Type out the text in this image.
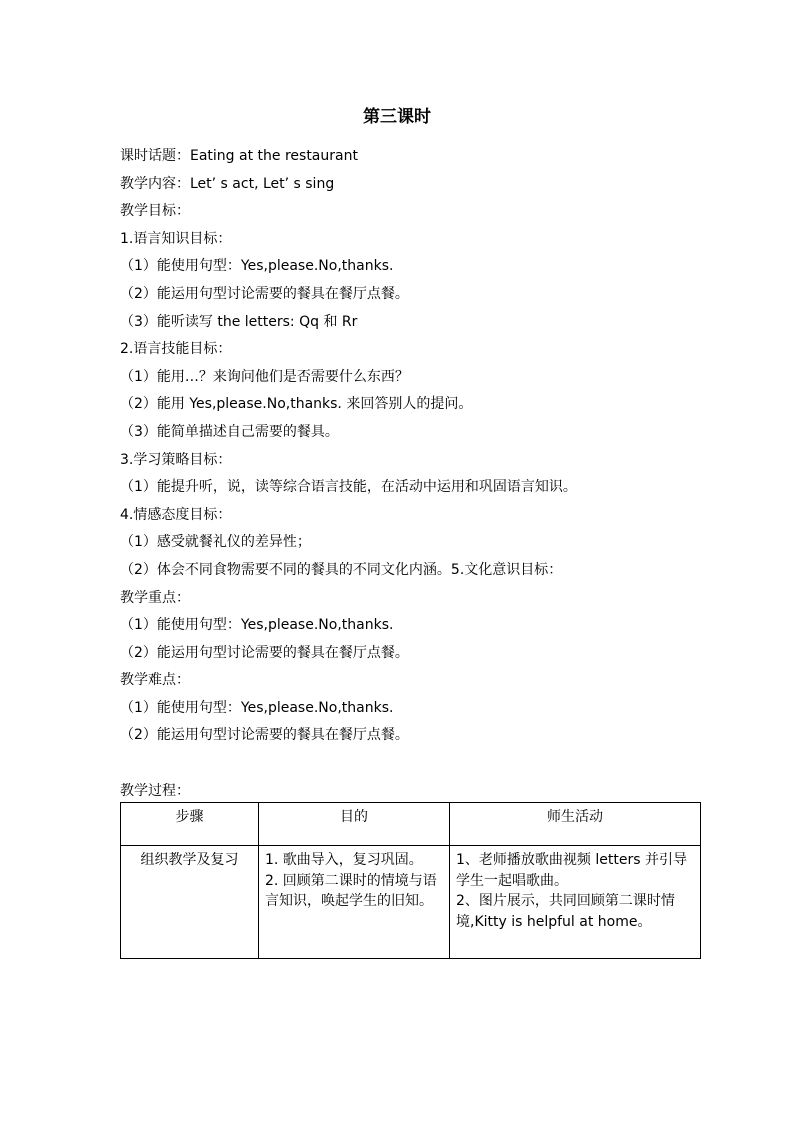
第三课时
课时话题：Eating at the restaurant
教学内容：Let’ s act, Let’ s sing
教学目标：
1.语言知识目标：
（1）能使用句型：Yes,please.No,thanks.
（2）能运用句型讨论需要的餐具在餐厅点餐。
（3）能听读写 the letters: Qq 和 Rr
2.语言技能目标：
（1）能用…？来询问他们是否需要什么东西？
（2）能用 Yes,please.No,thanks. 来回答别人的提问。
（3）能简单描述自己需要的餐具。
3.学习策略目标：
（1）能提升听，说，读等综合语言技能，在活动中运用和巩固语言知识。
4.情感态度目标：
（1）感受就餐礼仪的差异性；
（2）体会不同食物需要不同的餐具的不同文化内涵。5.文化意识目标：
教学重点：
（1）能使用句型：Yes,please.No,thanks.
（2）能运用句型讨论需要的餐具在餐厅点餐。
教学难点：
（1）能使用句型：Yes,please.No,thanks.
（2）能运用句型讨论需要的餐具在餐厅点餐。
教学过程：
步骤	目的	师生活动
组织教学及复习	1. 歌曲导入，复习巩固。
2. 回顾第二课时的情境与语言知识，唤起学生的旧知。	1、老师播放歌曲视频 letters 并引导学生一起唱歌曲。
2、图片展示，共同回顾第二课时情境,Kitty is helpful at home。
